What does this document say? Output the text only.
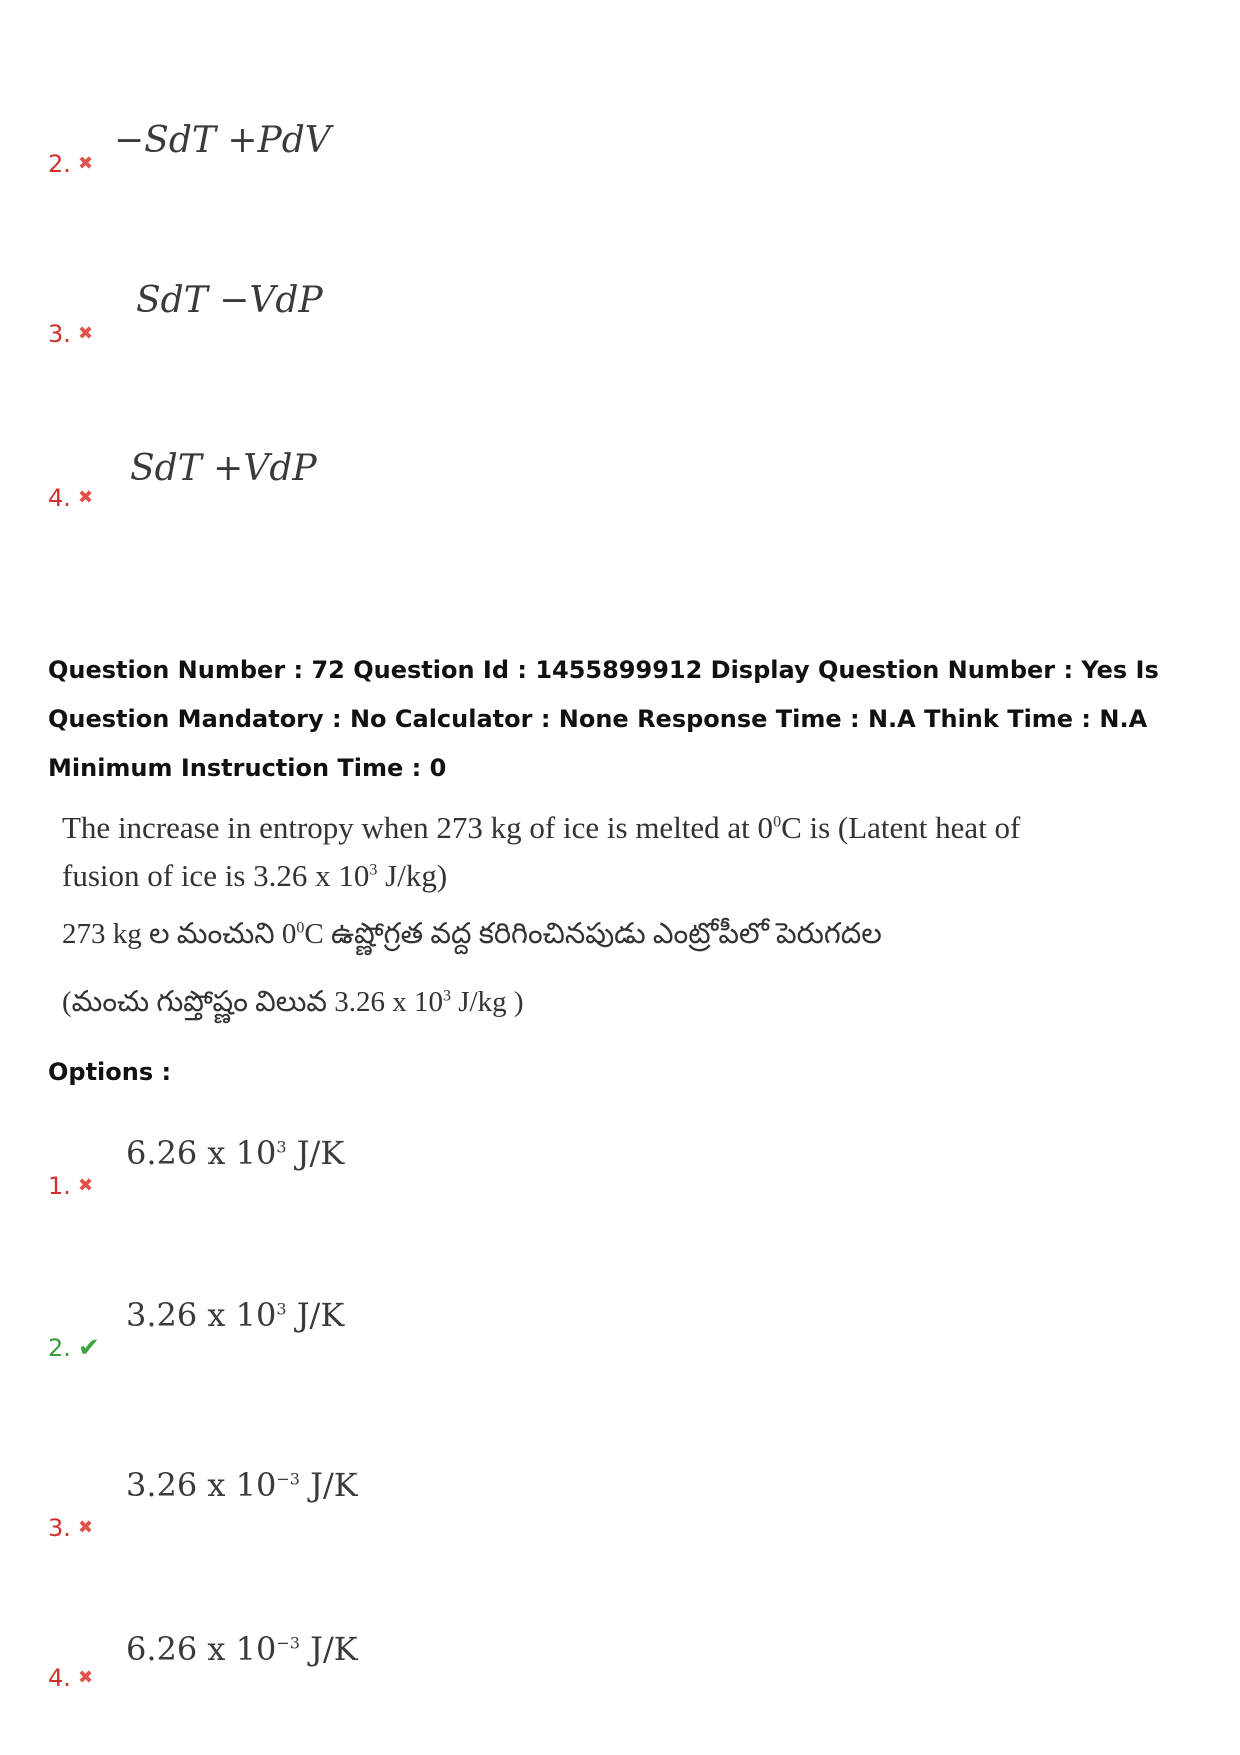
−SdT +PdV
2. ✖
SdT −VdP
3. ✖
SdT +VdP
4. ✖
Question Number : 72 Question Id : 1455899912 Display Question Number : Yes Is Question Mandatory : No Calculator : None Response Time : N.A Think Time : N.A Minimum Instruction Time : 0
The increase in entropy when 273 kg of ice is melted at $0^0C$ is (Latent heat of
fusion of ice is 3.26 x $10^3$ J/kg)
273 kg ల మంచుని $0^0C$ ఉష్ణోగ్రత వద్ద కరిగించినపుడు ఎంట్రోపీలో పెరుగదల
(మంచు గుప్తోష్ణం విలువ 3.26 x $10^3$ J/kg )
Options :
6.26 x $10^3$ J/K
1. ✖
3.26 x $10^3$ J/K
2. ✔
3.26 x $10^{-3}$ J/K
3. ✖
6.26 x $10^{-3}$ J/K
4. ✖
